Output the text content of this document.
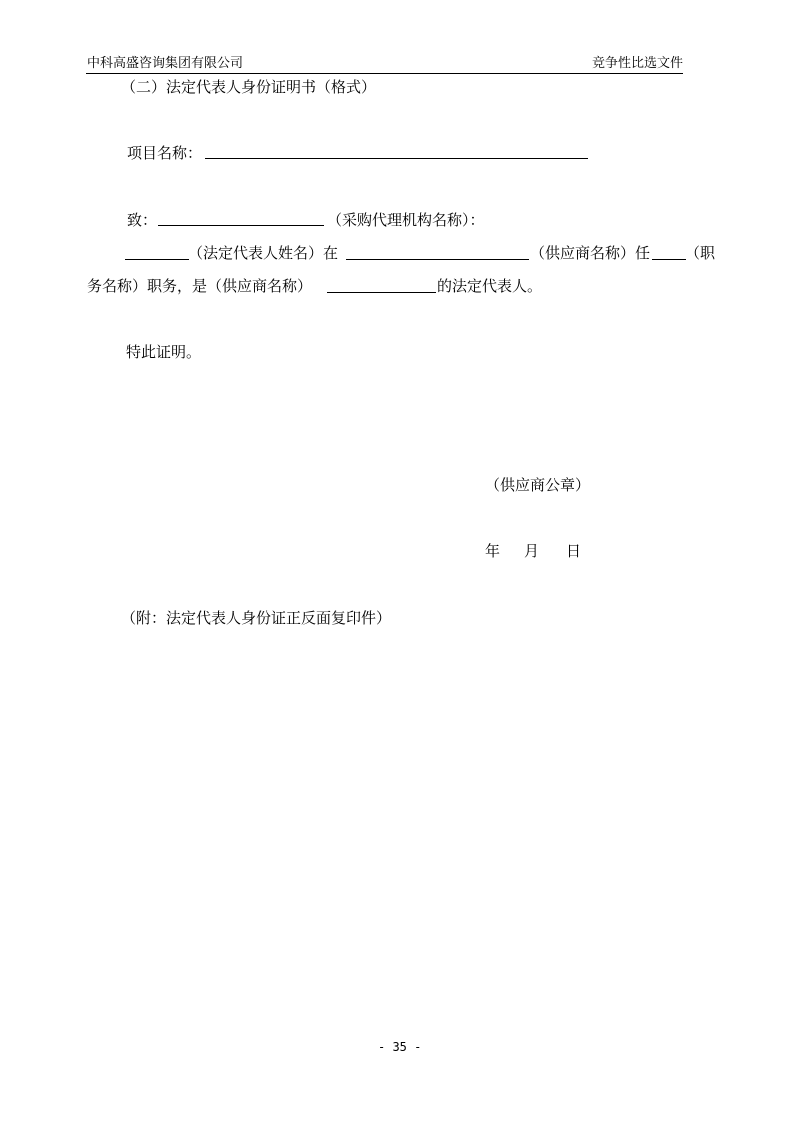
中科高盛咨询集团有限公司	竞争性比选文件
（二）法定代表人身份证明书（格式）
项目名称：
致：	（采购代理机构名称）：
（法定代表人姓名）在	（供应商名称）任 （职
务名称）职务，是（供应商名称）	的法定代表人。
特此证明。
（供应商公章）
年 月 日
（附：法定代表人身份证正反面复印件）
- 35 -
